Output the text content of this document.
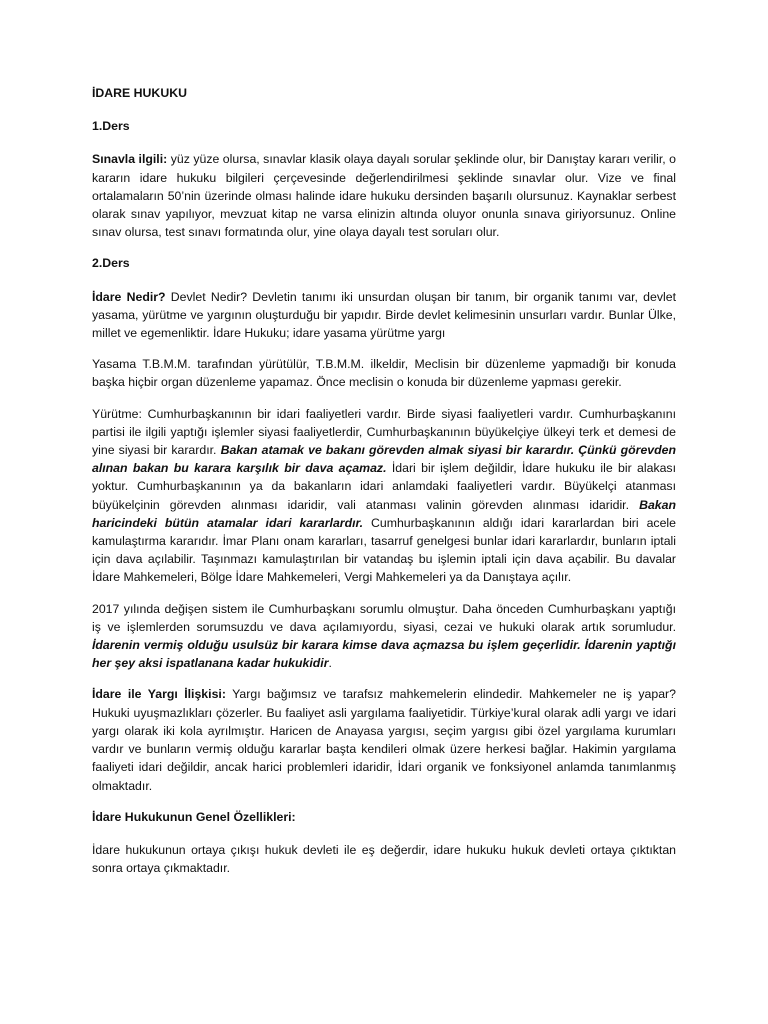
İDARE HUKUKU
1.Ders

Sınavla ilgili: yüz yüze olursa, sınavlar klasik olaya dayalı sorular şeklinde olur, bir Danıştay kararı verilir, o kararın idare hukuku bilgileri çerçevesinde değerlendirilmesi şeklinde sınavlar olur. Vize ve final ortalamaların 50’nin üzerinde olması halinde idare hukuku dersinden başarılı olursunuz. Kaynaklar serbest olarak sınav yapılıyor, mevzuat kitap ne varsa elinizin altında oluyor onunla sınava giriyorsunuz. Online sınav olursa, test sınavı formatında olur, yine olaya dayalı test soruları olur.

2.Ders

İdare Nedir? Devlet Nedir? Devletin tanımı iki unsurdan oluşan bir tanım, bir organik tanımı var, devlet yasama, yürütme ve yargının oluşturduğu bir yapıdır. Birde devlet kelimesinin unsurları vardır. Bunlar Ülke, millet ve egemenliktir. İdare Hukuku; idare yasama yürütme yargı

Yasama T.B.M.M. tarafından yürütülür, T.B.M.M. ilkeldir, Meclisin bir düzenleme yapmadığı bir konuda başka hiçbir organ düzenleme yapamaz. Önce meclisin o konuda bir düzenleme yapması gerekir.

Yürütme: Cumhurbaşkanının bir idari faaliyetleri vardır. Birde siyasi faaliyetleri vardır. Cumhurbaşkanını partisi ile ilgili yaptığı işlemler siyasi faaliyetlerdir, Cumhurbaşkanının büyükelçiye ülkeyi terk et demesi de yine siyasi bir karardır. Bakan atamak ve bakanı görevden almak siyasi bir karardır. Çünkü görevden alınan bakan bu karara karşılık bir dava açamaz. İdari bir işlem değildir, İdare hukuku ile bir alakası yoktur. Cumhurbaşkanının ya da bakanların idari anlamdaki faaliyetleri vardır. Büyükelçi atanması büyükelçinin görevden alınması idaridir, vali atanması valinin görevden alınması idaridir. Bakan haricindeki bütün atamalar idari kararlardır. Cumhurbaşkanının aldığı idari kararlardan biri acele kamulaştırma kararıdır. İmar Planı onam kararları, tasarruf genelgesi bunlar idari kararlardır, bunların iptali için dava açılabilir. Taşınmazı kamulaştırılan bir vatandaş bu işlemin iptali için dava açabilir. Bu davalar İdare Mahkemeleri, Bölge İdare Mahkemeleri, Vergi Mahkemeleri ya da Danıştaya açılır.

2017 yılında değişen sistem ile Cumhurbaşkanı sorumlu olmuştur. Daha önceden Cumhurbaşkanı yaptığı iş ve işlemlerden sorumsuzdu ve dava açılamıyordu, siyasi, cezai ve hukuki olarak artık sorumludur. İdarenin vermiş olduğu usulsüz bir karara kimse dava açmazsa bu işlem geçerlidir. İdarenin yaptığı her şey aksi ispatlanana kadar hukukidir.

İdare ile Yargı İlişkisi: Yargı bağımsız ve tarafsız mahkemelerin elindedir. Mahkemeler ne iş yapar? Hukuki uyuşmazlıkları çözerler. Bu faaliyet asli yargılama faaliyetidir. Türkiye’kural olarak adli yargı ve idari yargı olarak iki kola ayrılmıştır. Haricen de Anayasa yargısı, seçim yargısı gibi özel yargılama kurumları vardır ve bunların vermiş olduğu kararlar başta kendileri olmak üzere herkesi bağlar. Hakimin yargılama faaliyeti idari değildir, ancak harici problemleri idaridir, İdari organik ve fonksiyonel anlamda tanımlanmış olmaktadır.

İdare Hukukunun Genel Özellikleri:

İdare hukukunun ortaya çıkışı hukuk devleti ile eş değerdir, idare hukuku hukuk devleti ortaya çıktıktan sonra ortaya çıkmaktadır.
